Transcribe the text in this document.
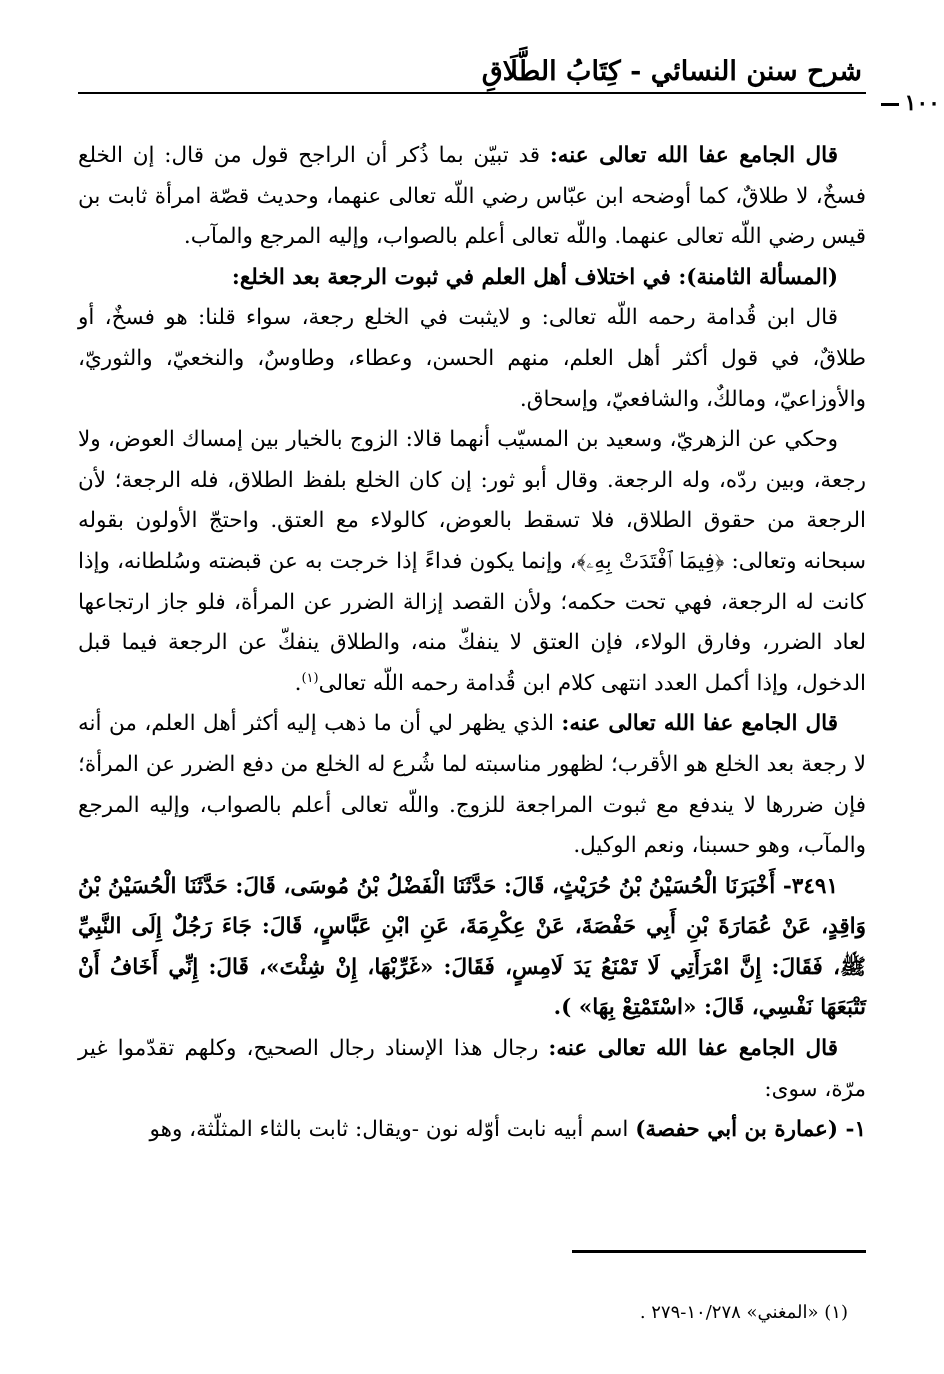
شرح سنن النسائي - كِتَابُ الطَّلَاقِ
١٠٠

قال الجامع عفا الله تعالى عنه: قد تبيّن بما ذُكر أن الراجح قول من قال: إن الخلع فسخٌ، لا طلاقٌ، كما أوضحه ابن عبّاس رضي اللّه تعالى عنهما، وحديث قصّة امرأة ثابت بن قيس رضي اللّه تعالى عنهما. واللّه تعالى أعلم بالصواب، وإليه المرجع والمآب.

(المسألة الثامنة): في اختلاف أهل العلم في ثبوت الرجعة بعد الخلع:

قال ابن قُدامة رحمه اللّه تعالى: و لايثبت في الخلع رجعة، سواء قلنا: هو فسخٌ، أو طلاقٌ، في قول أكثر أهل العلم، منهم الحسن، وعطاء، وطاوسٌ، والنخعيّ، والثوريّ، والأوزاعيّ، ومالكٌ، والشافعيّ، وإسحاق.

وحكي عن الزهريّ، وسعيد بن المسيّب أنهما قالا: الزوج بالخيار بين إمساك العوض، ولا رجعة، وبين ردّه، وله الرجعة. وقال أبو ثور: إن كان الخلع بلفظ الطلاق، فله الرجعة؛ لأن الرجعة من حقوق الطلاق، فلا تسقط بالعوض، كالولاء مع العتق. واحتجّ الأولون بقوله سبحانه وتعالى: ﴿فِيمَا ٱفْتَدَتْ بِهِۦ﴾، وإنما يكون فداءً إذا خرجت به عن قبضته وسُلطانه، وإذا كانت له الرجعة، فهي تحت حكمه؛ ولأن القصد إزالة الضرر عن المرأة، فلو جاز ارتجاعها لعاد الضرر، وفارق الولاء، فإن العتق لا ينفكّ منه، والطلاق ينفكّ عن الرجعة فيما قبل الدخول، وإذا أكمل العدد انتهى كلام ابن قُدامة رحمه اللّه تعالى$^{(١)}$.

قال الجامع عفا الله تعالى عنه: الذي يظهر لي أن ما ذهب إليه أكثر أهل العلم، من أنه لا رجعة بعد الخلع هو الأقرب؛ لظهور مناسبته لما شُرع له الخلع من دفع الضرر عن المرأة؛ فإن ضررها لا يندفع مع ثبوت المراجعة للزوج. واللّه تعالى أعلم بالصواب، وإليه المرجع والمآب، وهو حسبنا، ونعم الوكيل.

٣٤٩١- أَخْبَرَنَا الْحُسَيْنُ بْنُ حُرَيْثٍ، قَالَ: حَدَّثَنَا الْفَضْلُ بْنُ مُوسَى، قَالَ: حَدَّثَنَا الْحُسَيْنُ بْنُ وَاقِدٍ، عَنْ عُمَارَةَ بْنِ أَبِي حَفْصَةَ، عَنْ عِكْرِمَةَ، عَنِ ابْنِ عَبَّاسٍ، قَالَ: جَاءَ رَجُلٌ إِلَى النَّبِيِّ ﷺ، فَقَالَ: إِنَّ امْرَأَتِي لَا تَمْنَعُ يَدَ لَامِسٍ، فَقَالَ: «غَرِّبْهَا، إِنْ شِئْتَ»، قَالَ: إِنِّي أَخَافُ أَنْ تَتْبَعَهَا نَفْسِي، قَالَ: «اسْتَمْتِعْ بِهَا» ).

قال الجامع عفا الله تعالى عنه: رجال هذا الإسناد رجال الصحيح، وكلهم تقدّموا غير مرّة، سوى:

١- (عمارة بن أبي حفصة) اسم أبيه نابت أوّله نون -ويقال: ثابت بالثاء المثلّثة، وهو

(١) «المغني» ١٠/٢٧٨-٢٧٩ .
